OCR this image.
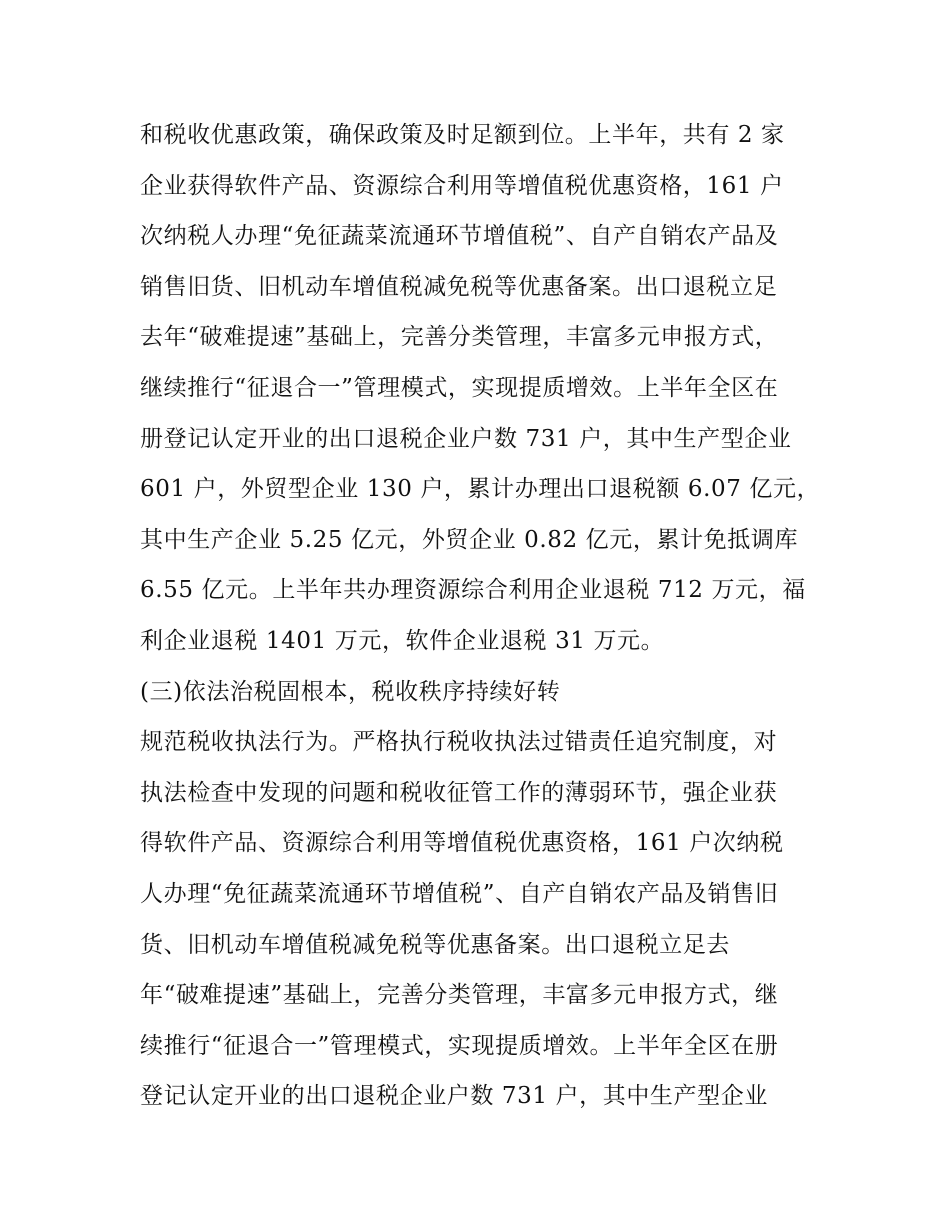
和税收优惠政策，确保政策及时足额到位。上半年，共有 2 家
企业获得软件产品、资源综合利用等增值税优惠资格，161 户
次纳税人办理“免征蔬菜流通环节增值税”、自产自销农产品及
销售旧货、旧机动车增值税减免税等优惠备案。出口退税立足
去年“破难提速”基础上，完善分类管理，丰富多元申报方式，
继续推行“征退合一”管理模式，实现提质增效。上半年全区在
册登记认定开业的出口退税企业户数 731 户，其中生产型企业
601 户，外贸型企业 130 户，累计办理出口退税额 6.07 亿元，
其中生产企业 5.25 亿元，外贸企业 0.82 亿元，累计免抵调库
6.55 亿元。上半年共办理资源综合利用企业退税 712 万元，福
利企业退税 1401 万元，软件企业退税 31 万元。
(三)依法治税固根本，税收秩序持续好转
规范税收执法行为。严格执行税收执法过错责任追究制度，对
执法检查中发现的问题和税收征管工作的薄弱环节，强企业获
得软件产品、资源综合利用等增值税优惠资格，161 户次纳税
人办理“免征蔬菜流通环节增值税”、自产自销农产品及销售旧
货、旧机动车增值税减免税等优惠备案。出口退税立足去
年“破难提速”基础上，完善分类管理，丰富多元申报方式，继
续推行“征退合一”管理模式，实现提质增效。上半年全区在册
登记认定开业的出口退税企业户数 731 户，其中生产型企业
